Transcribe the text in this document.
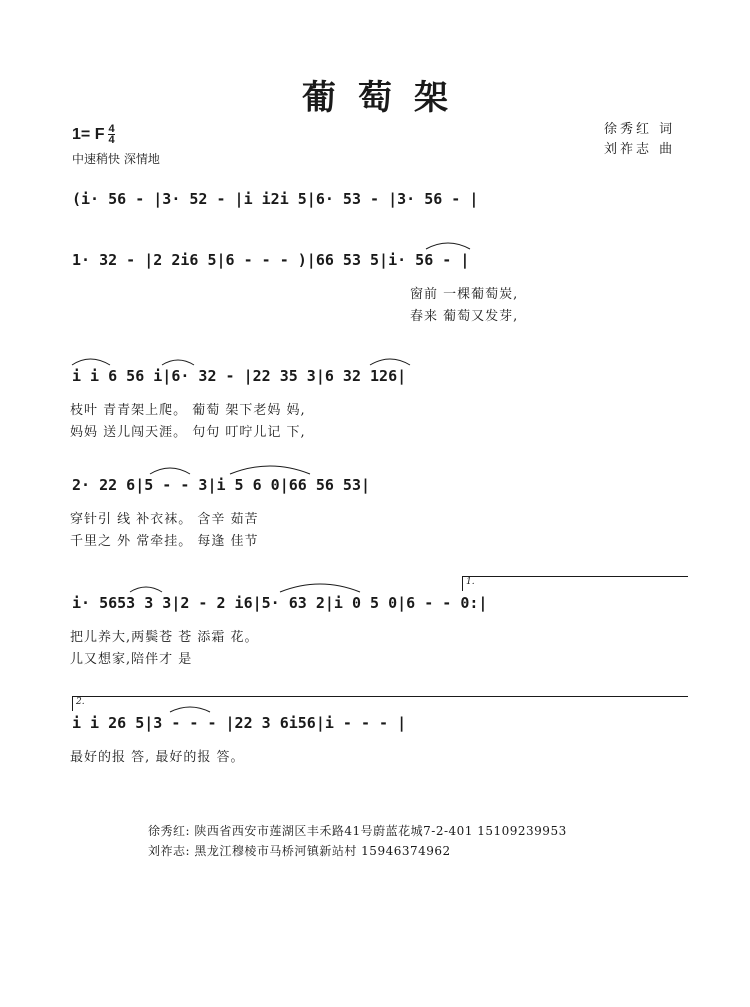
葡萄架
1= F 4
4
中速稍快 深情地
徐秀红 词
刘祚志 曲
(i· 56 - |3· 52 - |i i2i 5|6· 53 - |3· 56 - |
1· 32 - |2 2i6 5|6 - - - )|66 53 5|i· 56 - |
窗前 一棵葡萄炭,
春来 葡萄又发芽,
i i 6 56 i|6· 32 - |22 35 3|6 32 126|
枝叶 青青架上爬。 葡萄 架下老妈 妈,
妈妈 送儿闯天涯。 句句 叮咛儿记 下,
2· 22 6|5 - - 3|i 5 6 0|66 56 53|
穿针引 线 补衣袜。 含辛 茹苦
千里之 外 常牵挂。 每逢 佳节
1.
i· 5653 3 3|2 - 2 i6|5· 63 2|i 0 5 0|6 - - 0:|
把儿养大,两鬓苍 苍 添霜 花。
儿又想家,陪伴才 是
2.
i i 26 5|3 - - - |22 3 6i56|i - - - |
最好的报 答, 最好的报 答。
徐秀红: 陕西省西安市莲湖区丰禾路41号蔚蓝花城7-2-401 15109239953
刘祚志: 黑龙江穆棱市马桥河镇新站村 15946374962
